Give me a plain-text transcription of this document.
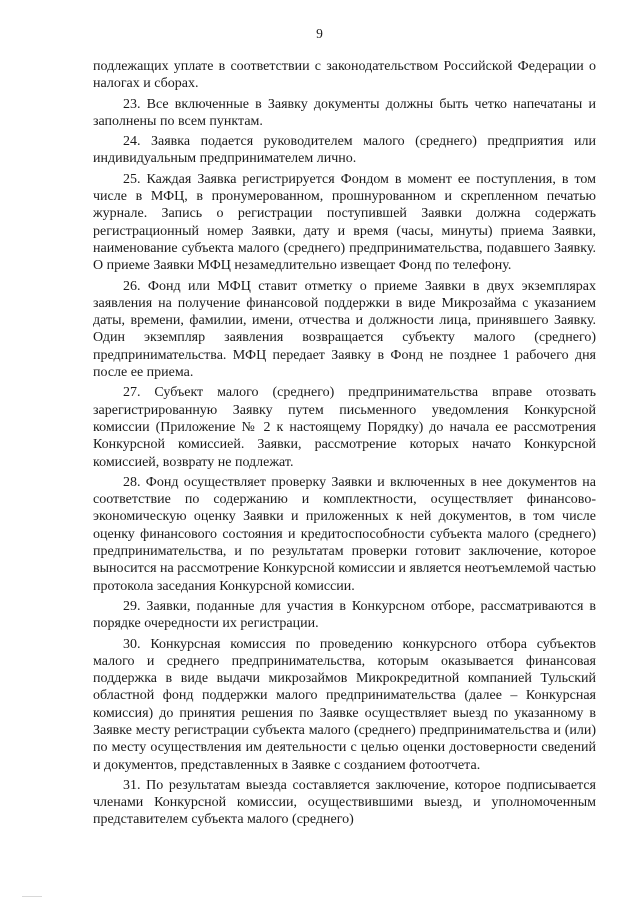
9

подлежащих уплате в соответствии с законодательством Российской Федерации о налогах и сборах.

23. Все включенные в Заявку документы должны быть четко напечатаны и заполнены по всем пунктам.

24. Заявка подается руководителем малого (среднего) предприятия или индивидуальным предпринимателем лично.

25. Каждая Заявка регистрируется Фондом в момент ее поступления, в том числе в МФЦ, в пронумерованном, прошнурованном и скрепленном печатью журнале. Запись о регистрации поступившей Заявки должна содержать регистрационный номер Заявки, дату и время (часы, минуты) приема Заявки, наименование субъекта малого (среднего) предпринимательства, подавшего Заявку. О приеме Заявки МФЦ незамедлительно извещает Фонд по телефону.

26. Фонд или МФЦ ставит отметку о приеме Заявки в двух экземплярах заявления на получение финансовой поддержки в виде Микрозайма с указанием даты, времени, фамилии, имени, отчества и должности лица, принявшего Заявку. Один экземпляр заявления возвращается субъекту малого (среднего) предпринимательства. МФЦ передает Заявку в Фонд не позднее 1 рабочего дня после ее приема.

27. Субъект малого (среднего) предпринимательства вправе отозвать зарегистрированную Заявку путем письменного уведомления Конкурсной комиссии (Приложение № 2 к настоящему Порядку) до начала ее рассмотрения Конкурсной комиссией. Заявки, рассмотрение которых начато Конкурсной комиссией, возврату не подлежат.

28. Фонд осуществляет проверку Заявки и включенных в нее документов на соответствие по содержанию и комплектности, осуществляет финансово-экономическую оценку Заявки и приложенных к ней документов, в том числе оценку финансового состояния и кредитоспособности субъекта малого (среднего) предпринимательства, и по результатам проверки готовит заключение, которое выносится на рассмотрение Конкурсной комиссии и является неотъемлемой частью протокола заседания Конкурсной комиссии.

29. Заявки, поданные для участия в Конкурсном отборе, рассматриваются в порядке очередности их регистрации.

30. Конкурсная комиссия по проведению конкурсного отбора субъектов малого и среднего предпринимательства, которым оказывается финансовая поддержка в виде выдачи микрозаймов Микрокредитной компанией Тульский областной фонд поддержки малого предпринимательства (далее – Конкурсная комиссия) до принятия решения по Заявке осуществляет выезд по указанному в Заявке месту регистрации субъекта малого (среднего) предпринимательства и (или) по месту осуществления им деятельности с целью оценки достоверности сведений и документов, представленных в Заявке с созданием фотоотчета.

31. По результатам выезда составляется заключение, которое подписывается членами Конкурсной комиссии, осуществившими выезд, и уполномоченным представителем субъекта малого (среднего)
